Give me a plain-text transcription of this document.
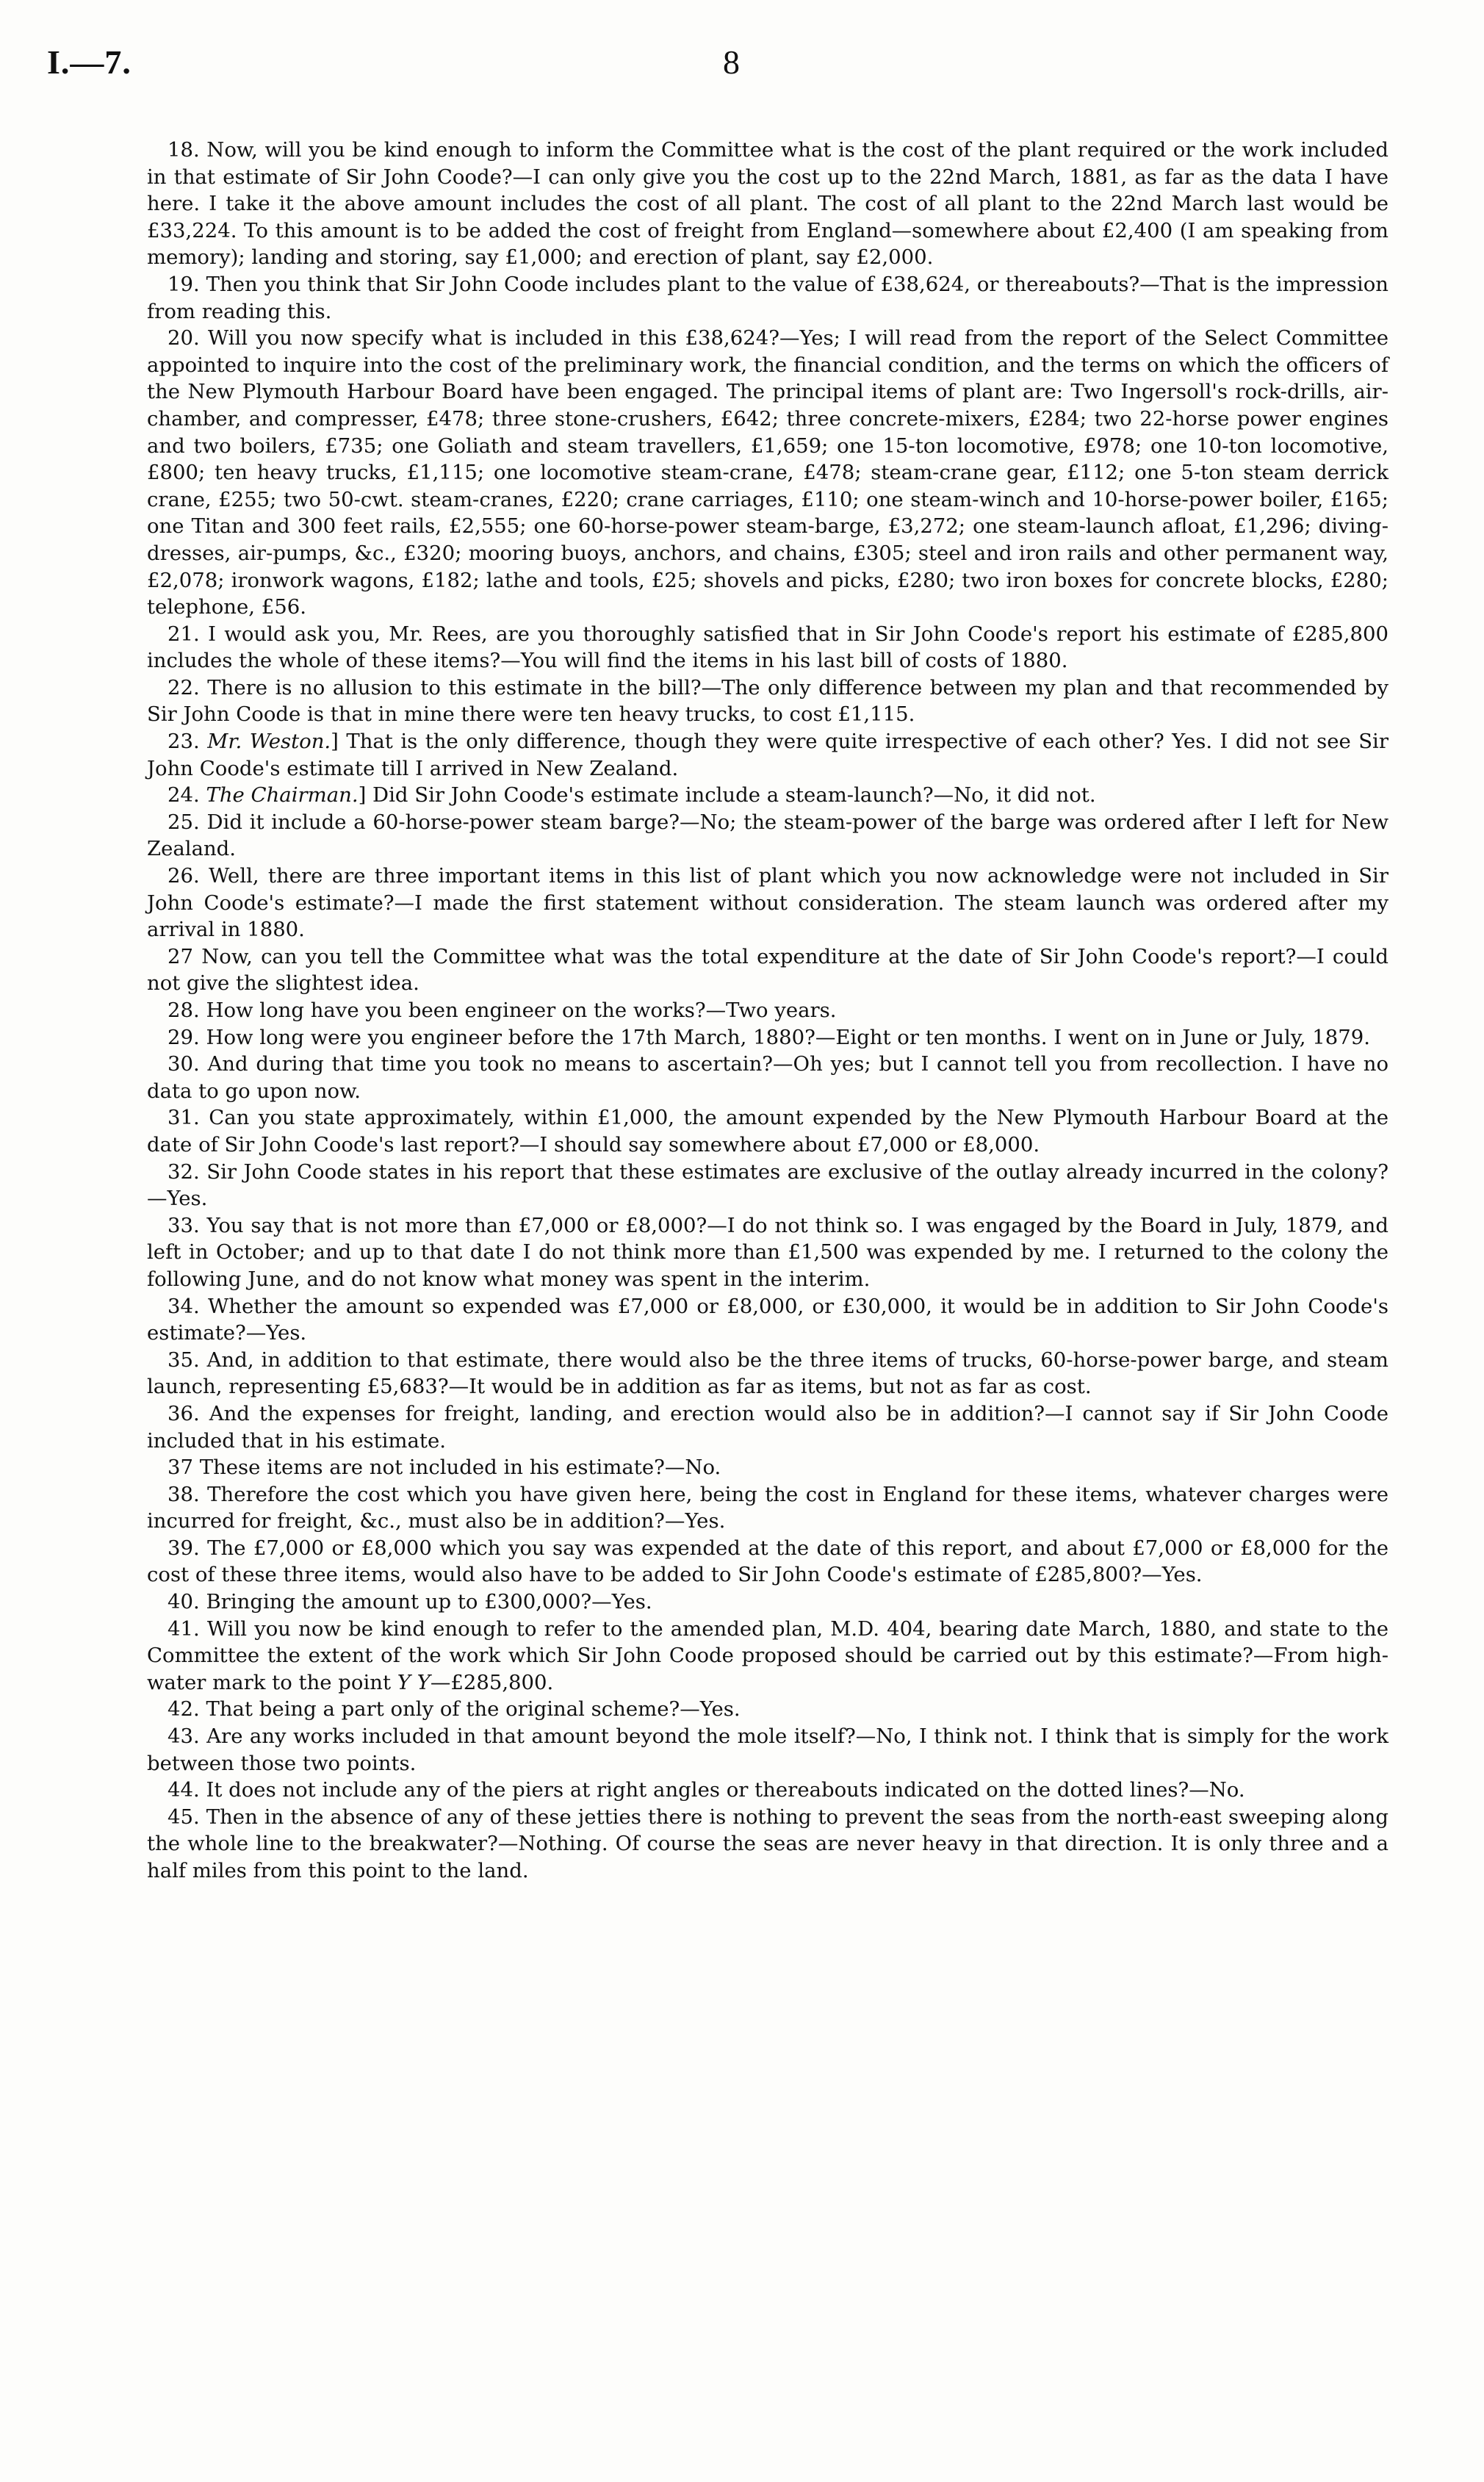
I.—7.	8

18. Now, will you be kind enough to inform the Committee what is the cost of the plant required or the work included in that estimate of Sir John Coode?—I can only give you the cost up to the 22nd March, 1881, as far as the data I have here. I take it the above amount includes the cost of all plant. The cost of all plant to the 22nd March last would be £33,224. To this amount is to be added the cost of freight from England—somewhere about £2,400 (I am speaking from memory); landing and storing, say £1,000; and erection of plant, say £2,000.

19. Then you think that Sir John Coode includes plant to the value of £38,624, or thereabouts?—That is the impression from reading this.

20. Will you now specify what is included in this £38,624?—Yes; I will read from the report of the Select Committee appointed to inquire into the cost of the preliminary work, the financial condition, and the terms on which the officers of the New Plymouth Harbour Board have been engaged. The principal items of plant are: Two Ingersoll's rock-drills, air-chamber, and compresser, £478; three stone-crushers, £642; three concrete-mixers, £284; two 22-horse power engines and two boilers, £735; one Goliath and steam travellers, £1,659; one 15-ton locomotive, £978; one 10-ton locomotive, £800; ten heavy trucks, £1,115; one locomotive steam-crane, £478; steam-crane gear, £112; one 5-ton steam derrick crane, £255; two 50-cwt. steam-cranes, £220; crane carriages, £110; one steam-winch and 10-horse-power boiler, £165; one Titan and 300 feet rails, £2,555; one 60-horse-power steam-barge, £3,272; one steam-launch afloat, £1,296; diving-dresses, air-pumps, &c., £320; mooring buoys, anchors, and chains, £305; steel and iron rails and other permanent way, £2,078; ironwork wagons, £182; lathe and tools, £25; shovels and picks, £280; two iron boxes for concrete blocks, £280; telephone, £56.

21. I would ask you, Mr. Rees, are you thoroughly satisfied that in Sir John Coode's report his estimate of £285,800 includes the whole of these items?—You will find the items in his last bill of costs of 1880.

22. There is no allusion to this estimate in the bill?—The only difference between my plan and that recommended by Sir John Coode is that in mine there were ten heavy trucks, to cost £1,115.

23. Mr. Weston.] That is the only difference, though they were quite irrespective of each other? Yes. I did not see Sir John Coode's estimate till I arrived in New Zealand.

24. The Chairman.] Did Sir John Coode's estimate include a steam-launch?—No, it did not.

25. Did it include a 60-horse-power steam barge?—No; the steam-power of the barge was ordered after I left for New Zealand.

26. Well, there are three important items in this list of plant which you now acknowledge were not included in Sir John Coode's estimate?—I made the first statement without consideration. The steam launch was ordered after my arrival in 1880.

27 Now, can you tell the Committee what was the total expenditure at the date of Sir John Coode's report?—I could not give the slightest idea.

28. How long have you been engineer on the works?—Two years.

29. How long were you engineer before the 17th March, 1880?—Eight or ten months. I went on in June or July, 1879.

30. And during that time you took no means to ascertain?—Oh yes; but I cannot tell you from recollection. I have no data to go upon now.

31. Can you state approximately, within £1,000, the amount expended by the New Plymouth Harbour Board at the date of Sir John Coode's last report?—I should say somewhere about £7,000 or £8,000.

32. Sir John Coode states in his report that these estimates are exclusive of the outlay already incurred in the colony?—Yes.

33. You say that is not more than £7,000 or £8,000?—I do not think so. I was engaged by the Board in July, 1879, and left in October; and up to that date I do not think more than £1,500 was expended by me. I returned to the colony the following June, and do not know what money was spent in the interim.

34. Whether the amount so expended was £7,000 or £8,000, or £30,000, it would be in addition to Sir John Coode's estimate?—Yes.

35. And, in addition to that estimate, there would also be the three items of trucks, 60-horse-power barge, and steam launch, representing £5,683?—It would be in addition as far as items, but not as far as cost.

36. And the expenses for freight, landing, and erection would also be in addition?—I cannot say if Sir John Coode included that in his estimate.

37 These items are not included in his estimate?—No.

38. Therefore the cost which you have given here, being the cost in England for these items, whatever charges were incurred for freight, &c., must also be in addition?—Yes.

39. The £7,000 or £8,000 which you say was expended at the date of this report, and about £7,000 or £8,000 for the cost of these three items, would also have to be added to Sir John Coode's estimate of £285,800?—Yes.

40. Bringing the amount up to £300,000?—Yes.

41. Will you now be kind enough to refer to the amended plan, M.D. 404, bearing date March, 1880, and state to the Committee the extent of the work which Sir John Coode proposed should be carried out by this estimate?—From high-water mark to the point Y Y—£285,800.

42. That being a part only of the original scheme?—Yes.

43. Are any works included in that amount beyond the mole itself?—No, I think not. I think that is simply for the work between those two points.

44. It does not include any of the piers at right angles or thereabouts indicated on the dotted lines?—No.

45. Then in the absence of any of these jetties there is nothing to prevent the seas from the north-east sweeping along the whole line to the breakwater?—Nothing. Of course the seas are never heavy in that direction. It is only three and a half miles from this point to the land.
